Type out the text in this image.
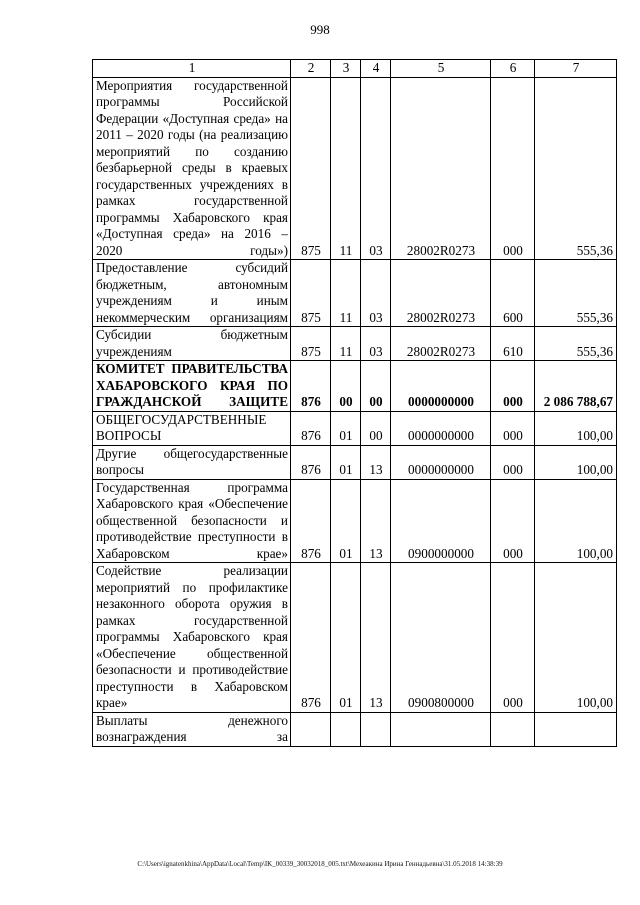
998
1	2	3	4	5	6	7
Мероприятия государственной программы Российской Федерации «Доступная среда» на 2011 – 2020 годы (на реализацию мероприятий по созданию безбарьерной среды в краевых государственных учреждениях в рамках государственной программы Хабаровского края «Доступная среда» на 2016 – 2020 годы»)	875	11	03	28002R0273	000	555,36
Предоставление субсидий бюджетным, автономным учреждениям и иным некоммерческим организациям	875	11	03	28002R0273	600	555,36
Субсидии бюджетным учреждениям	875	11	03	28002R0273	610	555,36
КОМИТЕТ ПРАВИТЕЛЬСТВА ХАБАРОВСКОГО КРАЯ ПО ГРАЖДАНСКОЙ ЗАЩИТЕ	876	00	00	0000000000	000	2 086 788,67
ОБЩЕГОСУДАРСТВЕННЫЕ ВОПРОСЫ	876	01	00	0000000000	000	100,00
Другие общегосударственные вопросы	876	01	13	0000000000	000	100,00
Государственная программа Хабаровского края «Обеспечение общественной безопасности и противодействие преступности в Хабаровском крае»	876	01	13	0900000000	000	100,00
Содействие реализации мероприятий по профилактике незаконного оборота оружия в рамках государственной программы Хабаровского края «Обеспечение общественной безопасности и противодействие преступности в Хабаровском крае»	876	01	13	0900800000	000	100,00
Выплаты денежного вознаграждения за						
C:\Users\ignatenkhina\AppData\Local\Temp\IK_00339_30032018_005.txt\Мехеакина Ирина Геннадьевна\31.05.2018 14:38:39
